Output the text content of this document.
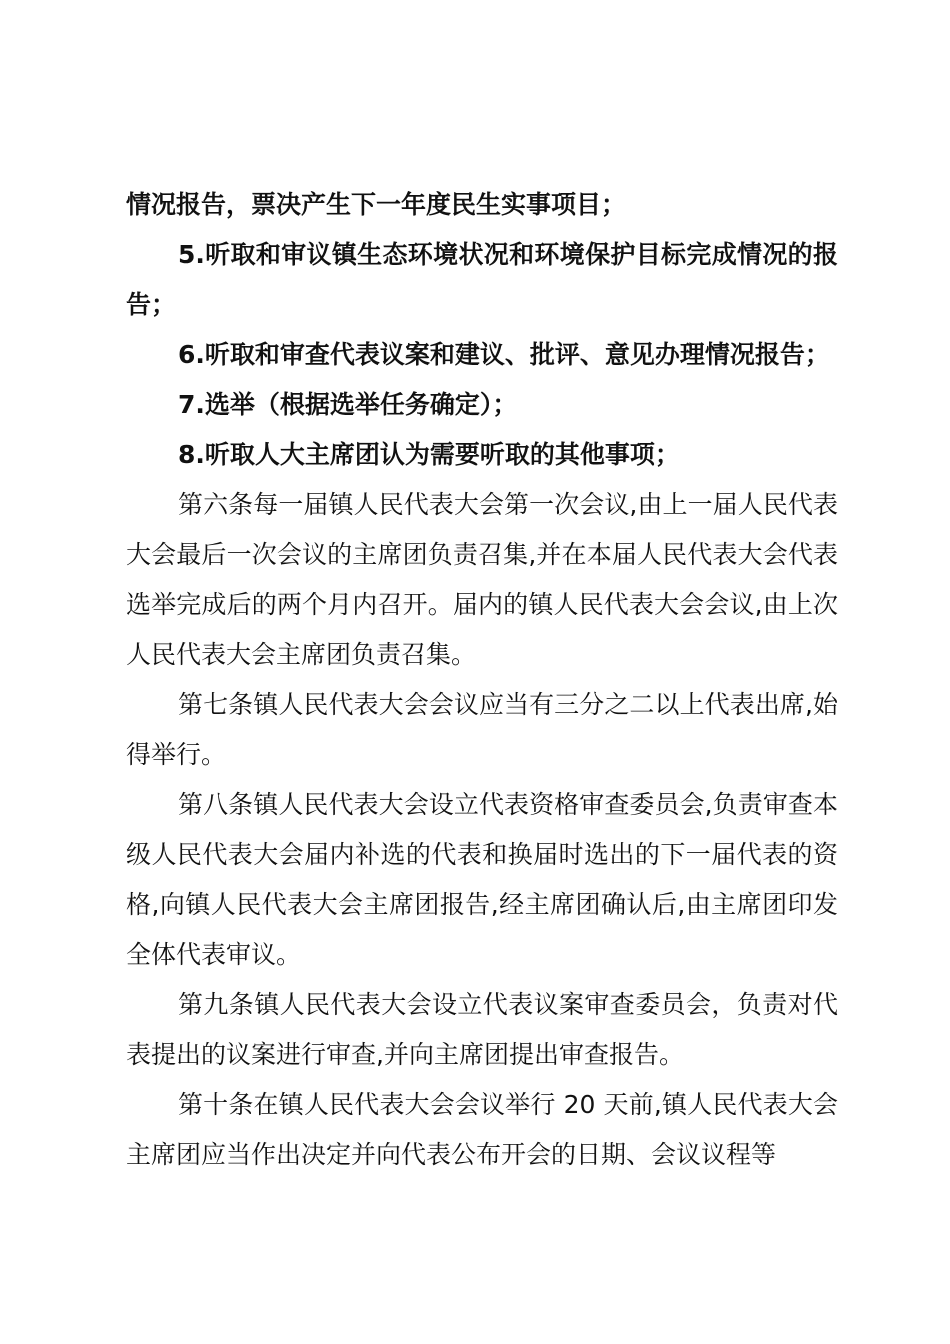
情况报告，票决产生下一年度民生实事项目；

5.听取和审议镇生态环境状况和环境保护目标完成情况的报告；

6.听取和审查代表议案和建议、批评、意见办理情况报告；

7.选举（根据选举任务确定）；

8.听取人大主席团认为需要听取的其他事项；

第六条每一届镇人民代表大会第一次会议,由上一届人民代表大会最后一次会议的主席团负责召集,并在本届人民代表大会代表选举完成后的两个月内召开。届内的镇人民代表大会会议,由上次人民代表大会主席团负责召集。

第七条镇人民代表大会会议应当有三分之二以上代表出席,始得举行。

第八条镇人民代表大会设立代表资格审查委员会,负责审查本级人民代表大会届内补选的代表和换届时选出的下一届代表的资格,向镇人民代表大会主席团报告,经主席团确认后,由主席团印发全体代表审议。

第九条镇人民代表大会设立代表议案审查委员会，负责对代表提出的议案进行审查,并向主席团提出审查报告。

第十条在镇人民代表大会会议举行 20 天前,镇人民代表大会主席团应当作出决定并向代表公布开会的日期、会议议程等
